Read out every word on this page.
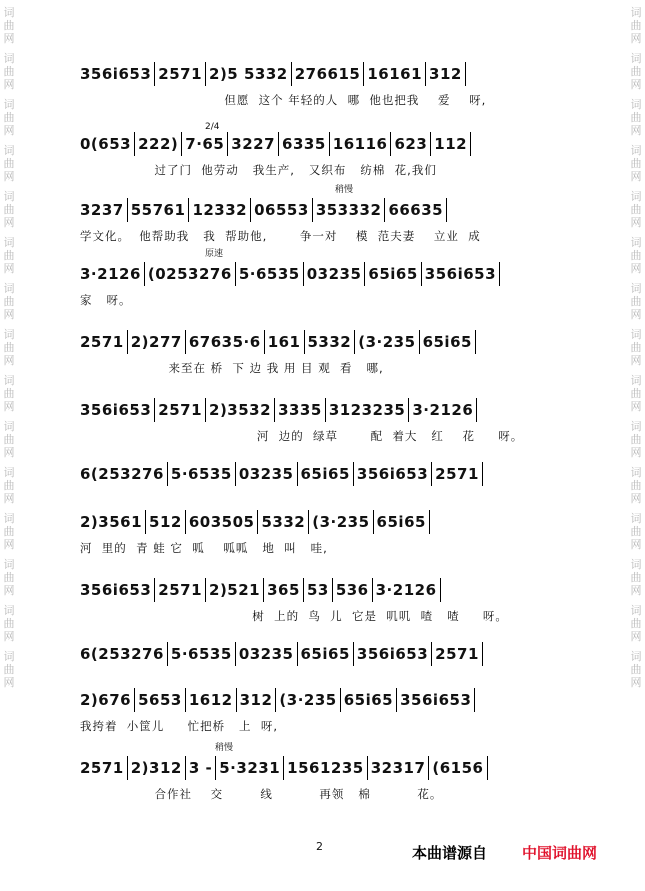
词
曲
网
词
曲
网
词
曲
网
词
曲
网
词
曲
网
词
曲
网
词
曲
网
词
曲
网
词
曲
网
词
曲
网
词
曲
网
词
曲
网
词
曲
网
词
曲
网
词
曲
网
词
曲
网
词
曲
网
词
曲
网
词
曲
网
词
曲
网
词
曲
网
词
曲
网
词
曲
网
词
曲
网
词
曲
网
词
曲
网
词
曲
网
词
曲
网
词
曲
网
词
曲
网
356i653 2571 2)5 5332 276615 16161 312
但愿  这个 年轻的人  哪  他也把我    爱    呀,
0(653 222) 7·65 3227 6335 16116 623 112
过了门  他劳动   我生产,   又织布   纺棉  花,我们
2/4
3237 55761 12332 06553 353332 66635
学文化。  他帮助我   我  帮助他,       争一对    模  范夫妻    立业  成
稍慢
3·2126 (0253276 5·6535 03235 65i65 356i653
家   呀。
原速
2571 2)277 67635·6 161 5332 (3·235 65i65
来至在 桥  下 边 我 用 目 观  看   哪,
356i653 2571 2)3532 3335 3123235 3·2126
河  边的  绿草       配  着大   红    花     呀。
6(253276 5·6535 03235 65i65 356i653 2571
2)3561 512 603505 5332 (3·235 65i65
河  里的  青 蛙 它  呱    呱呱   地  叫   哇,
356i653 2571 2)521 365 53 536 3·2126
树  上的  鸟  儿  它是  叽叽  喳   喳     呀。
6(253276 5·6535 03235 65i65 356i653 2571
2)676 5653 1612 312 (3·235 65i65 356i653
我挎着  小筐儿     忙把桥   上  呀,
2571 2)312 3 - 5·3231 1561235 32317 (6156
合作社    交        线          再领   棉          花。
稍慢
2	本曲谱源自 中国词曲网
